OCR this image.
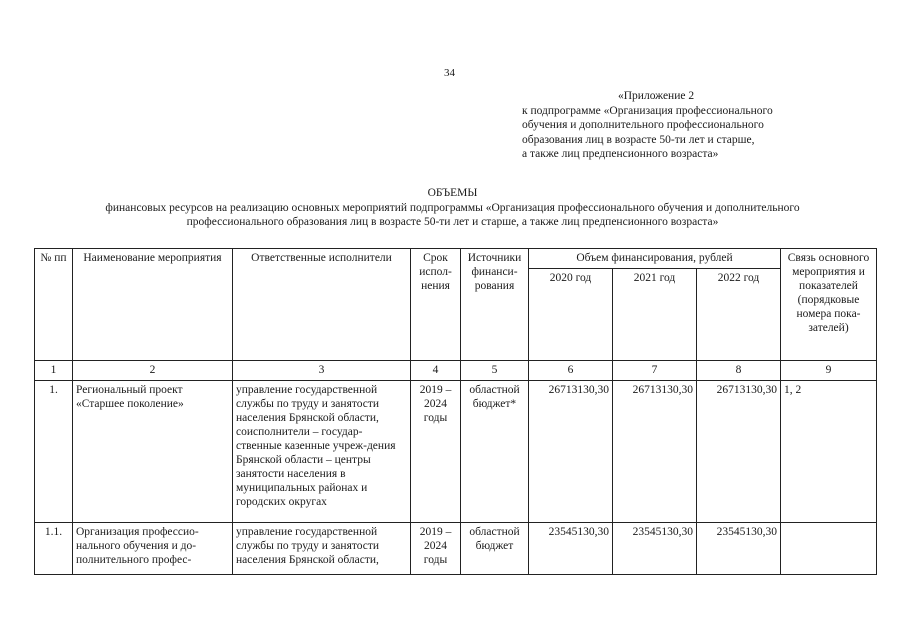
34
«Приложение 2
к подпрограмме «Организация профессионального
обучения и дополнительного профессионального
образования лиц в возрасте 50-ти лет и старше,
а также лиц предпенсионного возраста»
ОБЪЕМЫ
финансовых ресурсов на реализацию основных мероприятий подпрограммы «Организация профессионального обучения и дополнительного
профессионального образования лиц в возрасте 50-ти лет и старше, а также лиц предпенсионного возраста»
№ пп	Наименование мероприятия	Ответственные исполнители	Срок испол-нения	Источники финанси-рования	Объем финансирования, рублей			Связь основного мероприятия и показателей (порядковые номера пока-зателей)
					2020 год	2021 год	2022 год	
1	2	3	4	5	6	7	8	9
1.	Региональный проект «Старшее поколение»	управление государственной службы по труду и занятости населения Брянской области, соисполнители – государ-ственные казенные учреж-дения Брянской области – центры занятости населения в муниципальных районах и городских округах	2019 – 2024 годы	областной бюджет*	26713130,30	26713130,30	26713130,30	1, 2
1.1.	Организация профессио-нального обучения и до-полнительного профес-	управление государственной службы по труду и занятости населения Брянской области,	2019 – 2024 годы	областной бюджет	23545130,30	23545130,30	23545130,30	
